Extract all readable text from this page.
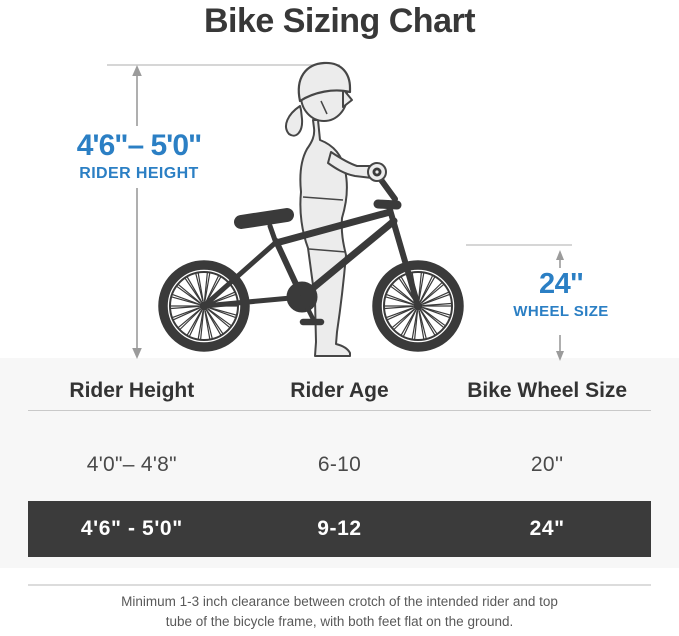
Bike Sizing Chart
4'6"– 5'0"
RIDER HEIGHT
24''
WHEEL SIZE
Rider Height	Rider Age	Bike Wheel Size
4'0"– 4'8"	6-10	20''
4'6" - 5'0"	9-12	24"
Minimum 1-3 inch clearance between crotch of the intended rider and top
tube of the bicycle frame, with both feet flat on the ground.
